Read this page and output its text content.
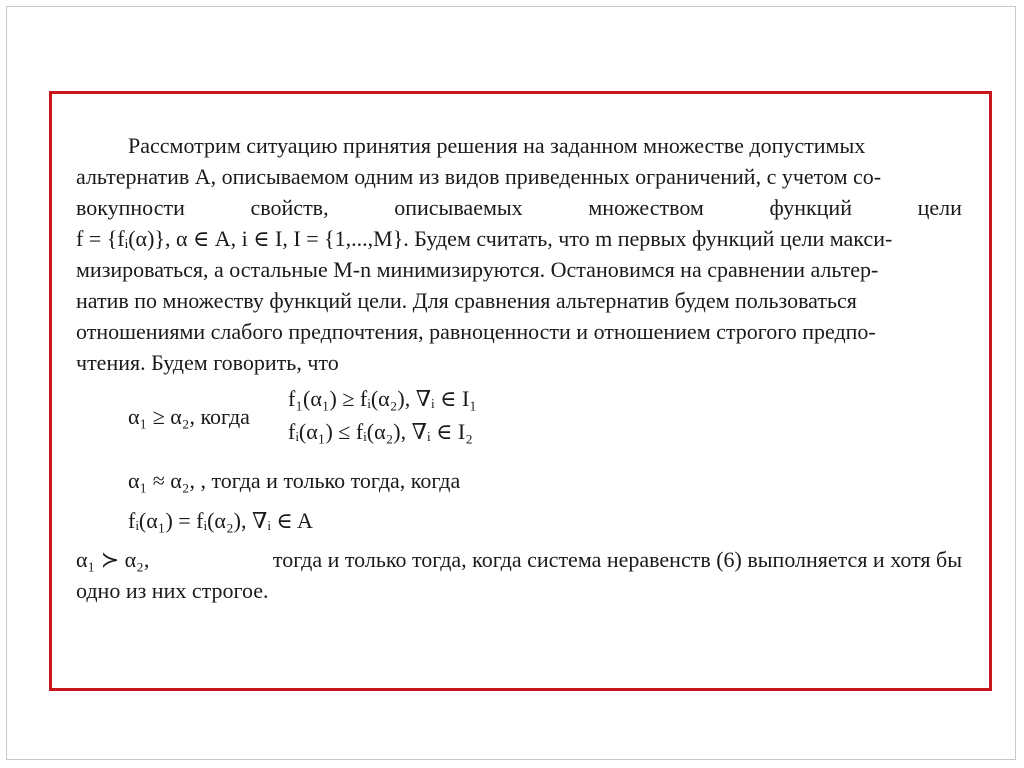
Рассмотрим ситуацию принятия решения на заданном множестве допустимых
альтернатив А, описываемом одним из видов приведенных ограничений, с учетом со-
вокупности	свойств,	описываемых	множеством	функций	цели
f = {fᵢ(α)}, α ∈ A, i ∈ I, I = {1,...,M}. Будем считать, что m первых функций цели макси-
мизироваться, а остальные M-n минимизируются. Остановимся на сравнении альтер-
натив по множеству функций цели. Для сравнения альтернатив будем пользоваться
отношениями слабого предпочтения, равноценности и отношением строгого предпо-
чтения. Будем говорить, что
α₁ ≥ α₂, когда
f₁(α₁) ≥ fᵢ(α₂), ∇ᵢ ∈ I₁
fᵢ(α₁) ≤ fᵢ(α₂), ∇ᵢ ∈ I₂
α₁ ≈ α₂, , тогда и только тогда, когда
fᵢ(α₁) = fᵢ(α₂), ∇ᵢ ∈ A
α₁ ≻ α₂,	тогда и только тогда, когда система неравенств (6) выполняется и хотя бы
одно из них строгое.
